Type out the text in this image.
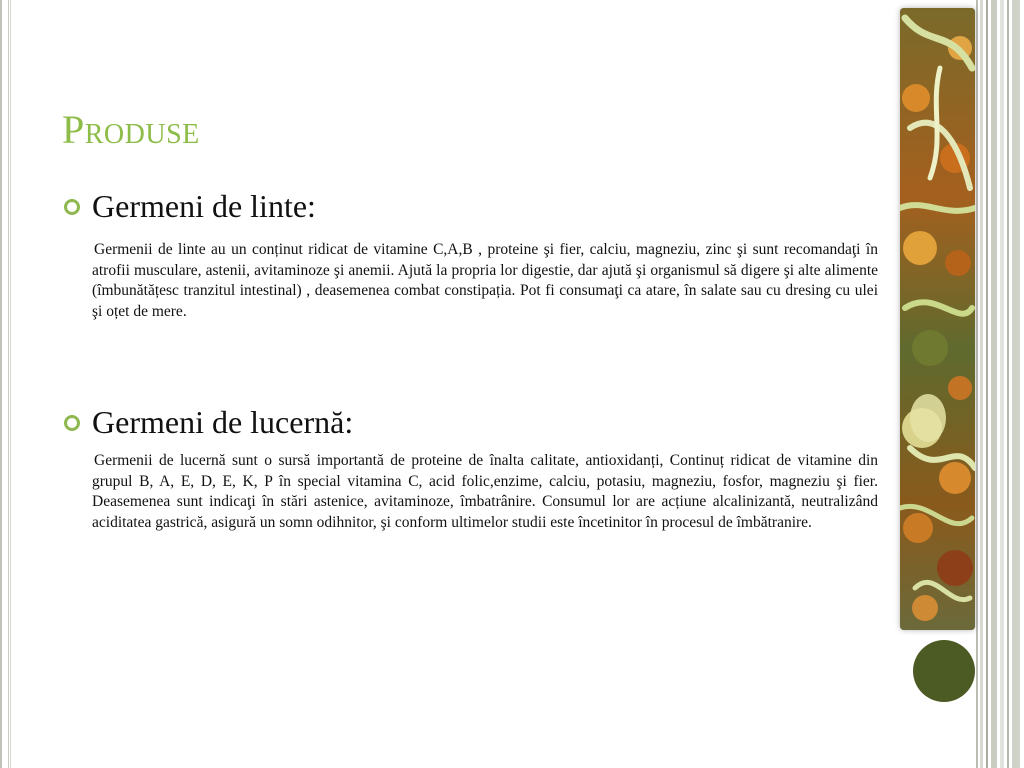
Produse
Germeni de linte:

Germenii de linte au un conținut ridicat de vitamine C,A,B , proteine şi fier, calciu, magneziu, zinc şi sunt recomandaţi în atrofii musculare, astenii, avitaminoze şi anemii. Ajută la propria lor digestie, dar ajută şi organismul să digere şi alte alimente (îmbunătățesc tranzitul intestinal) , deasemenea combat constipația. Pot fi consumaţi ca atare, în salate sau cu dresing cu ulei şi oțet de mere.

Germeni de lucernă:

Germenii de lucernă sunt o sursă importantă de proteine de înalta calitate, antioxidanți, Continuț ridicat de vitamine din grupul B, A, E, D, E, K, P în special vitamina C, acid folic,enzime, calciu, potasiu, magneziu, fosfor, magneziu şi fier. Deasemenea sunt indicaţi în stări astenice, avitaminoze, îmbatrânire. Consumul lor are acțiune alcalinizantă, neutralizând aciditatea gastrică, asigură un somn odihnitor, şi conform ultimelor studii este încetinitor în procesul de îmbătranire.
